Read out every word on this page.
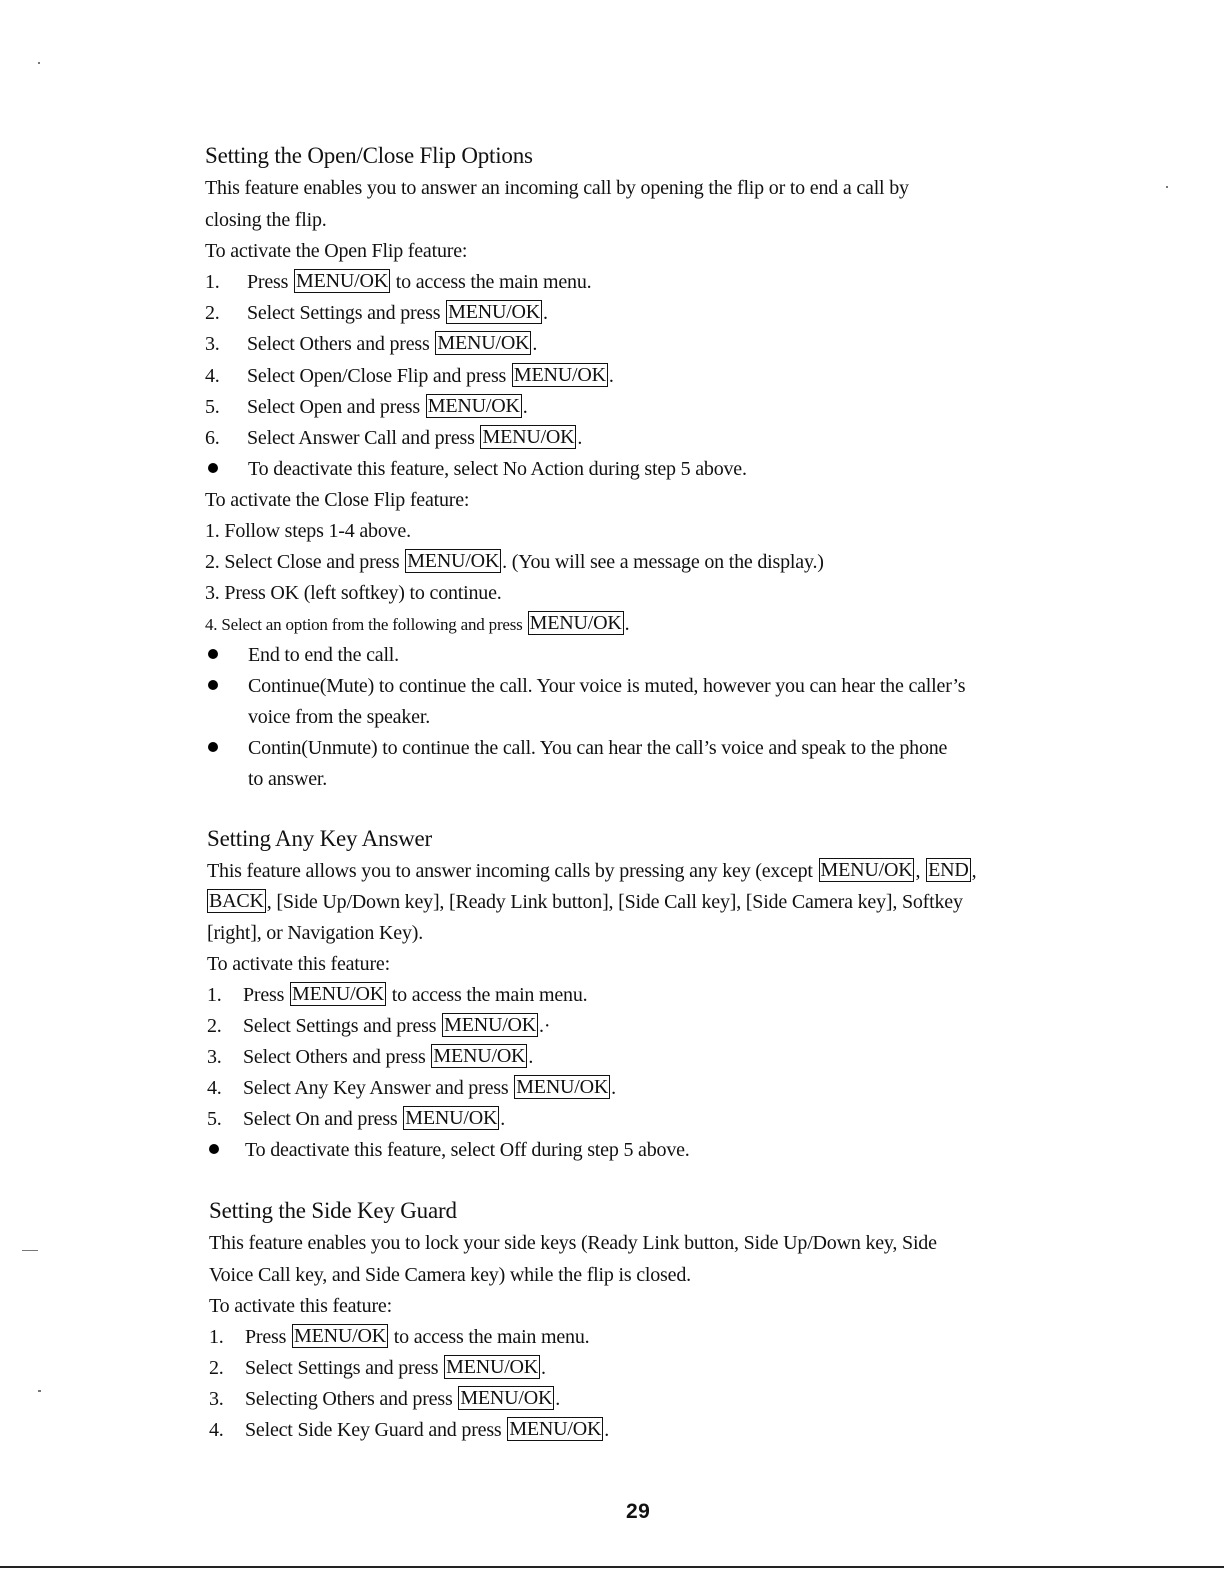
Setting the Open/Close Flip Options
This feature enables you to answer an incoming call by opening the flip or to end a call by
closing the flip.
To activate the Open Flip feature:
1. Press MENU/OK to access the main menu.
2. Select Settings and press MENU/OK .
3. Select Others and press MENU/OK .
4. Select Open/Close Flip and press MENU/OK .
5. Select Open and press MENU/OK .
6. Select Answer Call and press MENU/OK .
To deactivate this feature, select No Action during step 5 above.
To activate the Close Flip feature:
1. Follow steps 1-4 above.
2. Select Close and press MENU/OK . (You will see a message on the display.)
3. Press OK (left softkey) to continue.
4. Select an option from the following and press MENU/OK .
End to end the call.
Continue(Mute) to continue the call. Your voice is muted, however you can hear the caller’s
voice from the speaker.
Contin(Unmute) to continue the call. You can hear the call’s voice and speak to the phone
to answer.
Setting Any Key Answer
This feature allows you to answer incoming calls by pressing any key (except MENU/OK , END ,
BACK , [Side Up/Down key], [Ready Link button], [Side Call key], [Side Camera key], Softkey
[right], or Navigation Key).
To activate this feature:
1. Press MENU/OK to access the main menu.
2. Select Settings and press MENU/OK .·
3. Select Others and press MENU/OK .
4. Select Any Key Answer and press MENU/OK .
5. Select On and press MENU/OK .
To deactivate this feature, select Off during step 5 above.
Setting the Side Key Guard
This feature enables you to lock your side keys (Ready Link button, Side Up/Down key, Side
Voice Call key, and Side Camera key) while the flip is closed.
To activate this feature:
1. Press MENU/OK to access the main menu.
2. Select Settings and press MENU/OK .
3. Selecting Others and press MENU/OK .
4. Select Side Key Guard and press MENU/OK .
29
